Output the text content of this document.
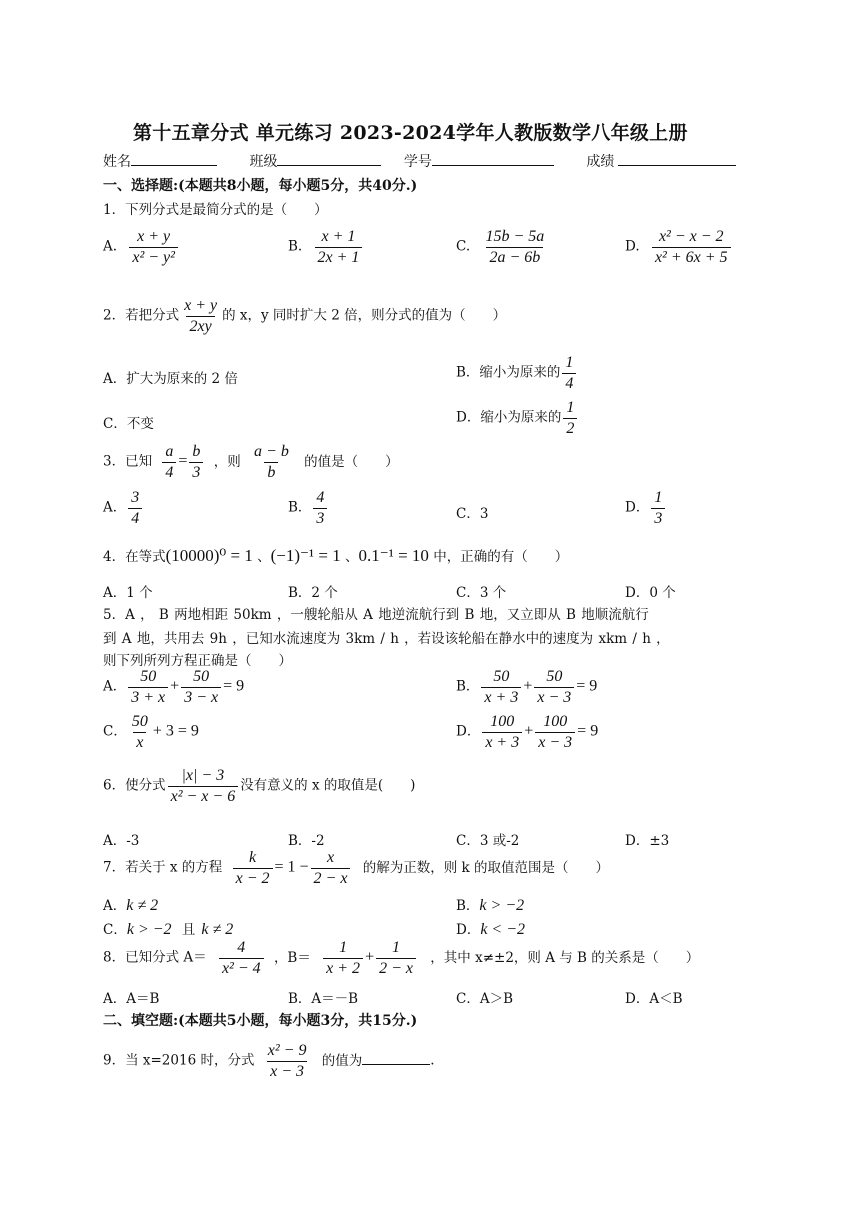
第十五章分式 单元练习 2023-2024学年人教版数学八年级上册
姓名	班级	学号	成绩
一、选择题:(本题共8小题，每小题5分，共40分.)
1．下列分式是最简分式的是（　　）
A. $\frac{x + y}{\text{x² − y²}}$	B. $\frac{x + 1}{2x + 1}$	C. $\frac{15b - 5a}{2a - 6b}$	D. $\frac{\text{x² − x − 2}}{\text{x² + 6x + 5}}$
2．若把分式 $\frac{x + y}{2xy}$ 的 x，y 同时扩大 2 倍，则分式的值为（　　）
A．扩大为原来的 2 倍	B．缩小为原来的 $\frac{1}{4}$
C．不变	D．缩小为原来的 $\frac{1}{2}$
3．已知 $\frac{a}{4} = \frac{b}{3}$ ，则 $\frac{a - b}{b}$ 的值是（　　）
A． $\frac{3}{4}$	B． $\frac{4}{3}$	C．3	D． $\frac{1}{3}$
4．在等式(10000)⁰ = 1 、(−1)⁻¹ = 1 、0.1⁻¹ = 10 中，正确的有（　　）
A．1 个	B．2 个	C．3 个	D．0 个
5．A ， B 两地相距 50km ，一艘轮船从 A 地逆流航行到 B 地，又立即从 B 地顺流航行
到 A 地，共用去 9h ，已知水流速度为 3km / h ，若设该轮船在静水中的速度为 xkm / h ，
则下列所列方程正确是（　　）
A． $\frac{50}{3 + x} + \frac{50}{3 - x} = 9$	B． $\frac{50}{x + 3} + \frac{50}{x - 3} = 9$
C． $\frac{50}{x} + 3 = 9$	D． $\frac{100}{x + 3} + \frac{100}{x - 3} = 9$
6．使分式 $\frac{|x| - 3}{\text{x² − x − 6}}$ 没有意义的 x 的取值是(　　)
A．-3	B．-2	C．3 或-2	D．±3
7．若关于 x 的方程 $\frac{k}{x - 2} = 1 - \frac{x}{2 - x}$ 的解为正数，则 k 的取值范围是（　　）
A．k ≠ 2	B．k > −2
C．k > −2 且 k ≠ 2	D．k < −2
8．已知分式 $A= \frac{4}{\text{x² − 4}}$ ，$B= \frac{1}{x + 2} + \frac{1}{2 - x}$ ，其中 x≠±2，则 A 与 B 的关系是（　　）
A．A＝B	B．A＝－B	C．A＞B	D．A＜B
二、填空题:(本题共5小题，每小题3分，共15分.)
9．当 x=2016 时，分式 $\frac{\text{x² − 9}}{x - 3}$ 的值为	.
